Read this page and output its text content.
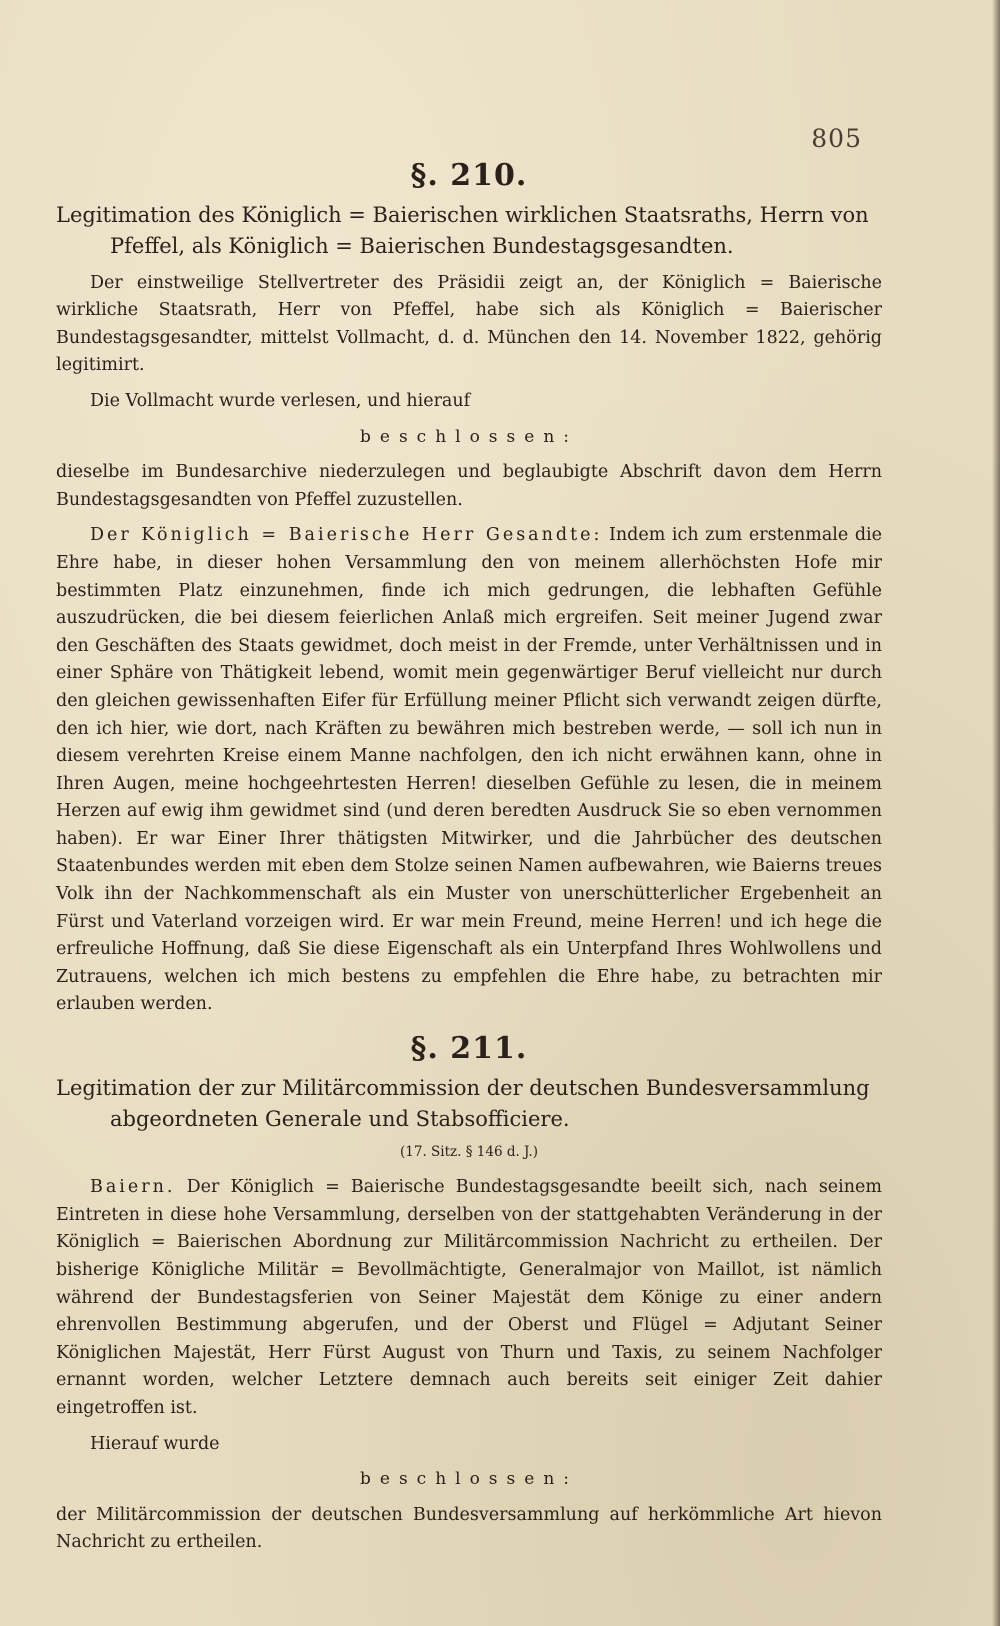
805
§. 210.
Legitimation des Königlich = Baierischen wirklichen Staatsraths, Herrn von Pfeffel, als Königlich = Baierischen Bundestagsgesandten.

Der einstweilige Stellvertreter des Präsidii zeigt an, der Königlich = Baierische wirkliche Staatsrath, Herr von Pfeffel, habe sich als Königlich = Baierischer Bundestagsgesandter, mittelst Vollmacht, d. d. München den 14. November 1822, gehörig legitimirt.

Die Vollmacht wurde verlesen, und hierauf

beschlossen:

dieselbe im Bundesarchive niederzulegen und beglaubigte Abschrift davon dem Herrn Bundestagsgesandten von Pfeffel zuzustellen.

Der Königlich = Baierische Herr Gesandte: Indem ich zum erstenmale die Ehre habe, in dieser hohen Versammlung den von meinem allerhöchsten Hofe mir bestimmten Platz einzunehmen, finde ich mich gedrungen, die lebhaften Gefühle auszudrücken, die bei diesem feierlichen Anlaß mich ergreifen. Seit meiner Jugend zwar den Geschäften des Staats gewidmet, doch meist in der Fremde, unter Verhältnissen und in einer Sphäre von Thätigkeit lebend, womit mein gegenwärtiger Beruf vielleicht nur durch den gleichen gewissenhaften Eifer für Erfüllung meiner Pflicht sich verwandt zeigen dürfte, den ich hier, wie dort, nach Kräften zu bewähren mich bestreben werde, — soll ich nun in diesem verehrten Kreise einem Manne nachfolgen, den ich nicht erwähnen kann, ohne in Ihren Augen, meine hochgeehrtesten Herren! dieselben Gefühle zu lesen, die in meinem Herzen auf ewig ihm gewidmet sind (und deren beredten Ausdruck Sie so eben vernommen haben). Er war Einer Ihrer thätigsten Mitwirker, und die Jahrbücher des deutschen Staatenbundes werden mit eben dem Stolze seinen Namen aufbewahren, wie Baierns treues Volk ihn der Nachkommenschaft als ein Muster von unerschütterlicher Ergebenheit an Fürst und Vaterland vorzeigen wird. Er war mein Freund, meine Herren! und ich hege die erfreuliche Hoffnung, daß Sie diese Eigenschaft als ein Unterpfand Ihres Wohlwollens und Zutrauens, welchen ich mich bestens zu empfehlen die Ehre habe, zu betrachten mir erlauben werden.

§. 211.
Legitimation der zur Militärcommission der deutschen Bundesversammlung abgeordneten Generale und Stabsofficiere.
(17. Sitz. § 146 d. J.)

Baiern. Der Königlich = Baierische Bundestagsgesandte beeilt sich, nach seinem Eintreten in diese hohe Versammlung, derselben von der stattgehabten Veränderung in der Königlich = Baierischen Abordnung zur Militärcommission Nachricht zu ertheilen. Der bisherige Königliche Militär = Bevollmächtigte, Generalmajor von Maillot, ist nämlich während der Bundestagsferien von Seiner Majestät dem Könige zu einer andern ehrenvollen Bestimmung abgerufen, und der Oberst und Flügel = Adjutant Seiner Königlichen Majestät, Herr Fürst August von Thurn und Taxis, zu seinem Nachfolger ernannt worden, welcher Letztere demnach auch bereits seit einiger Zeit dahier eingetroffen ist.

Hierauf wurde

beschlossen:

der Militärcommission der deutschen Bundesversammlung auf herkömmliche Art hievon Nachricht zu ertheilen.
